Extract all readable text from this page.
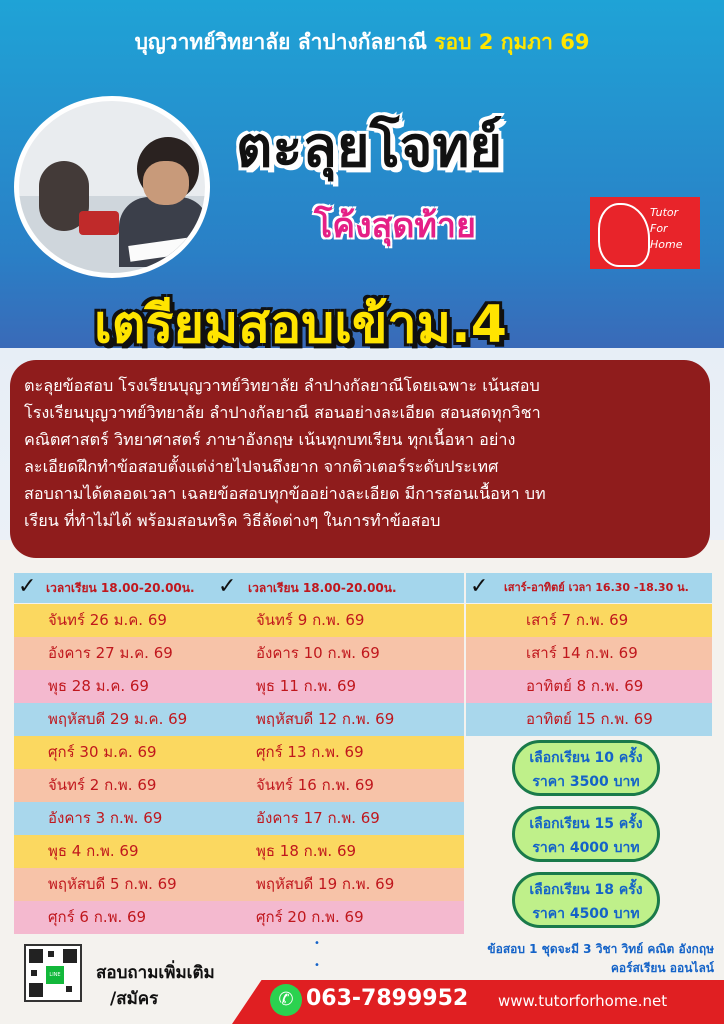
บุญวาทย์วิทยาลัย ลำปางกัลยาณี รอบ 2 กุมภา 69
ตะลุยโจทย์
โค้งสุดท้าย
เตรียมสอบเข้าม.4
Tutor
For
Home
ตะลุยข้อสอบ โรงเรียนบุญวาทย์วิทยาลัย ลำปางกัลยาณีโดยเฉพาะ เน้นสอบ
โรงเรียนบุญวาทย์วิทยาลัย ลำปางกัลยาณี สอนอย่างละเอียด สอนสดทุกวิชา
คณิตศาสตร์ วิทยาศาสตร์ ภาษาอังกฤษ เน้นทุกบทเรียน ทุกเนื้อหา อย่าง
ละเอียดฝึกทำข้อสอบตั้งแต่ง่ายไปจนถึงยาก จากติวเตอร์ระดับประเทศ
สอบถามได้ตลอดเวลา เฉลยข้อสอบทุกข้ออย่างละเอียด มีการสอนเนื้อหา บท
เรียน ที่ทำไม่ได้ พร้อมสอนทริค วิธีลัดต่างๆ ในการทำข้อสอบ
✓ เวลาเรียน 18.00-20.00น. ✓ เวลาเรียน 18.00-20.00น.	✓ เสาร์-อาทิตย์ เวลา 16.30 -18.30 น.
จันทร์ 26 ม.ค. 69
อังคาร 27 ม.ค. 69
พุธ 28 ม.ค. 69
พฤหัสบดี 29 ม.ค. 69
ศุกร์ 30 ม.ค. 69
จันทร์ 2 ก.พ. 69
อังคาร 3 ก.พ. 69
พุธ 4 ก.พ. 69
พฤหัสบดี 5 ก.พ. 69
ศุกร์ 6 ก.พ. 69
จันทร์ 9 ก.พ. 69
อังคาร 10 ก.พ. 69
พุธ 11 ก.พ. 69
พฤหัสบดี 12 ก.พ. 69
ศุกร์ 13 ก.พ. 69
จันทร์ 16 ก.พ. 69
อังคาร 17 ก.พ. 69
พุธ 18 ก.พ. 69
พฤหัสบดี 19 ก.พ. 69
ศุกร์ 20 ก.พ. 69
เสาร์ 7 ก.พ. 69
เสาร์ 14 ก.พ. 69
อาทิตย์ 8 ก.พ. 69
อาทิตย์ 15 ก.พ. 69
เลือกเรียน 10 ครั้ง
ราคา 3500 บาท
เลือกเรียน 15 ครั้ง
ราคา 4000 บาท
เลือกเรียน 18 ครั้ง
ราคา 4500 บาท
•
•
ข้อสอบ 1 ชุดจะมี 3 วิชา วิทย์ คณิต อังกฤษ
คอร์สเรียน ออนไลน์
LINE สอบถามเพิ่มเติม
/สมัคร	✆ 063-7899952 www.tutorforhome.net
